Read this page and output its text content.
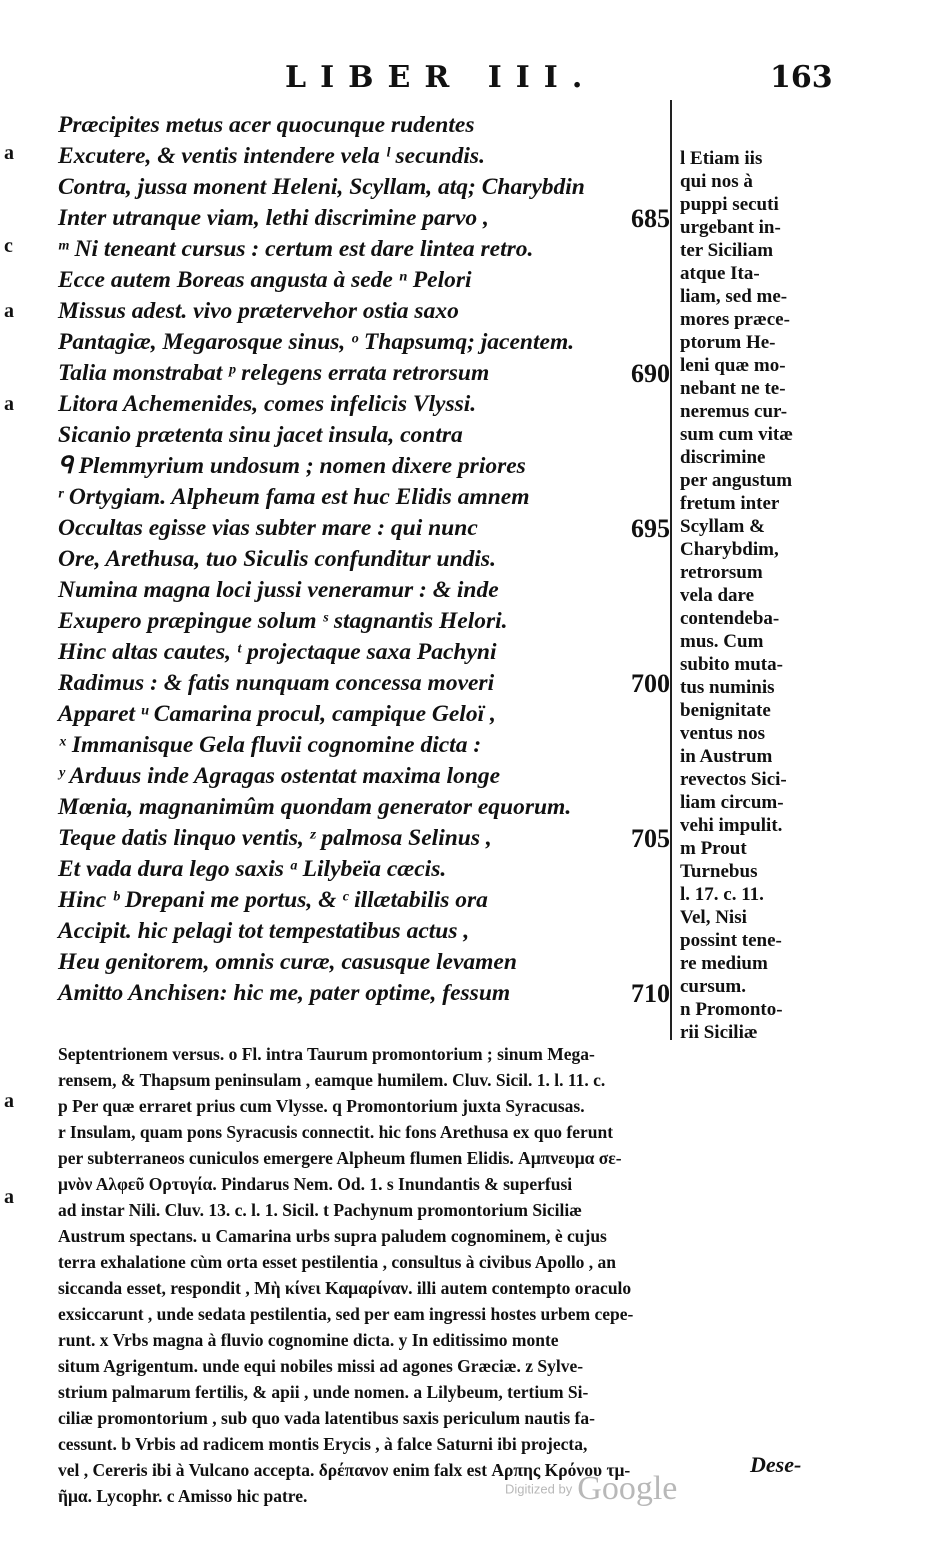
LIBER III.	163
a
c
a
a
a
a
Præcipites metus acer quocunque rudentes
Excutere, & ventis intendere vela ˡ secundis.
Contra, jussa monent Heleni, Scyllam, atq; Charybdin
Inter utranque viam, lethi discrimine parvo ,	685
ᵐ Ni teneant cursus : certum est dare lintea retro.
Ecce autem Boreas angusta à sede ⁿ Pelori
Missus adest. vivo prætervehor ostia saxo
Pantagiæ, Megarosque sinus, ᵒ Thapsumq; jacentem.
Talia monstrabat ᵖ relegens errata retrorsum	690
Litora Achemenides, comes infelicis Vlyssi.
Sicanio prætenta sinu jacet insula, contra
ᑫ Plemmyrium undosum ; nomen dixere priores
ʳ Ortygiam. Alpheum fama est huc Elidis amnem
Occultas egisse vias subter mare : qui nunc	695
Ore, Arethusa, tuo Siculis confunditur undis.
Numina magna loci jussi veneramur : & inde
Exupero præpingue solum ˢ stagnantis Helori.
Hinc altas cautes, ᵗ projectaque saxa Pachyni
Radimus : & fatis nunquam concessa moveri	700
Apparet ᵘ Camarina procul, campique Geloï ,
ˣ Immanisque Gela fluvii cognomine dicta :
ʸ Arduus inde Agragas ostentat maxima longe
Mœnia, magnanimûm quondam generator equorum.
Teque datis linquo ventis, ᶻ palmosa Selinus ,	705
Et vada dura lego saxis ᵃ Lilybeïa cæcis.
Hinc ᵇ Drepani me portus, & ᶜ illætabilis ora
Accipit. hic pelagi tot tempestatibus actus ,
Heu genitorem, omnis curæ, casusque levamen
Amitto Anchisen: hic me, pater optime, fessum	710
l Etiam iis
qui nos à
puppi secuti
urgebant in-
ter Siciliam
atque Ita-
liam, sed me-
mores præce-
ptorum He-
leni quæ mo-
nebant ne te-
neremus cur-
sum cum vitæ
discrimine
per angustum
fretum inter
Scyllam &
Charybdim,
retrorsum
vela dare
contendeba-
mus. Cum
subito muta-
tus numinis
benignitate
ventus nos
in Austrum
revectos Sici-
liam circum-
vehi impulit.
m Prout
Turnebus
l. 17. c. 11.
Vel, Nisi
possint tene-
re medium
cursum.
n Promonto-
rii Siciliæ
Septentrionem versus. o Fl. intra Taurum promontorium ; sinum Mega-
rensem, & Thapsum peninsulam , eamque humilem. Cluv. Sicil. 1. l. 11. c.
p Per quæ erraret prius cum Vlysse. q Promontorium juxta Syracusas.
r Insulam, quam pons Syracusis connectit. hic fons Arethusa ex quo ferunt
per subterraneos cuniculos emergere Alpheum flumen Elidis. Αμπνευμα σε-
μνὸν Αλφεῦ Ορτυγία. Pindarus Nem. Od. 1. s Inundantis & superfusi
ad instar Nili. Cluv. 13. c. l. 1. Sicil. t Pachynum promontorium Siciliæ
Austrum spectans. u Camarina urbs supra paludem cognominem, è cujus
terra exhalatione cùm orta esset pestilentia , consultus à civibus Apollo , an
siccanda esset, respondit , Μὴ κίνει Καμαρίναν. illi autem contempto oraculo
exsiccarunt , unde sedata pestilentia, sed per eam ingressi hostes urbem cepe-
runt. x Vrbs magna à fluvio cognomine dicta. y In editissimo monte
situm Agrigentum. unde equi nobiles missi ad agones Græciæ. z Sylve-
strium palmarum fertilis, & apii , unde nomen. a Lilybeum, tertium Si-
ciliæ promontorium , sub quo vada latentibus saxis periculum nautis fa-
cessunt. b Vrbis ad radicem montis Erycis , à falce Saturni ibi projecta,
vel , Cereris ibi à Vulcano accepta. δρέπανον enim falx est Αρπης Κρόνου τμ-
ῆμα. Lycophr. c Amisso hic patre.
Dese-
Digitized by Google
